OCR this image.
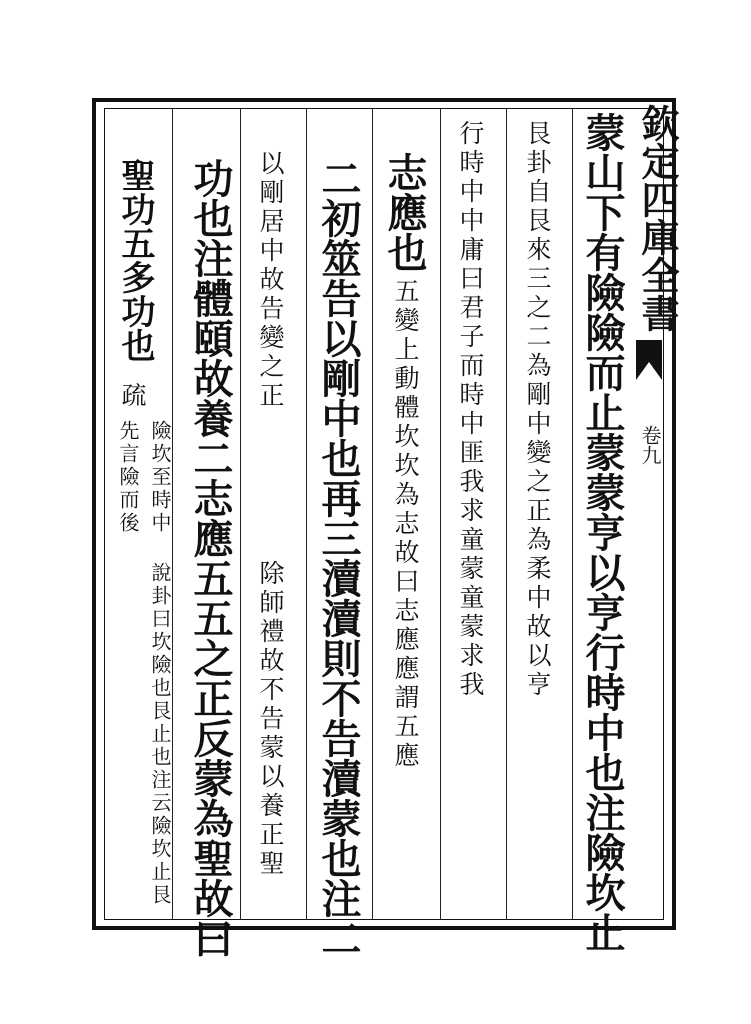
欽定四庫全書
卷九
蒙山下有險險而止蒙蒙亨以亨行時中也注險坎止
艮卦自艮來三之二為剛中變之正為柔中故以亨
行時中中庸曰君子而時中匪我求童蒙童蒙求我
志應也
五變上動體坎坎為志故曰志應應謂五應
二初筮告以剛中也再三瀆瀆則不告瀆蒙也注二
以剛居中故告變之正
除師禮故不告蒙以養正聖
功也注體頤故養二志應五五之正反蒙為聖故曰
聖功五多功也
疏
險坎至時中 說卦曰坎險也艮止也注云險坎止艮先言險而後
